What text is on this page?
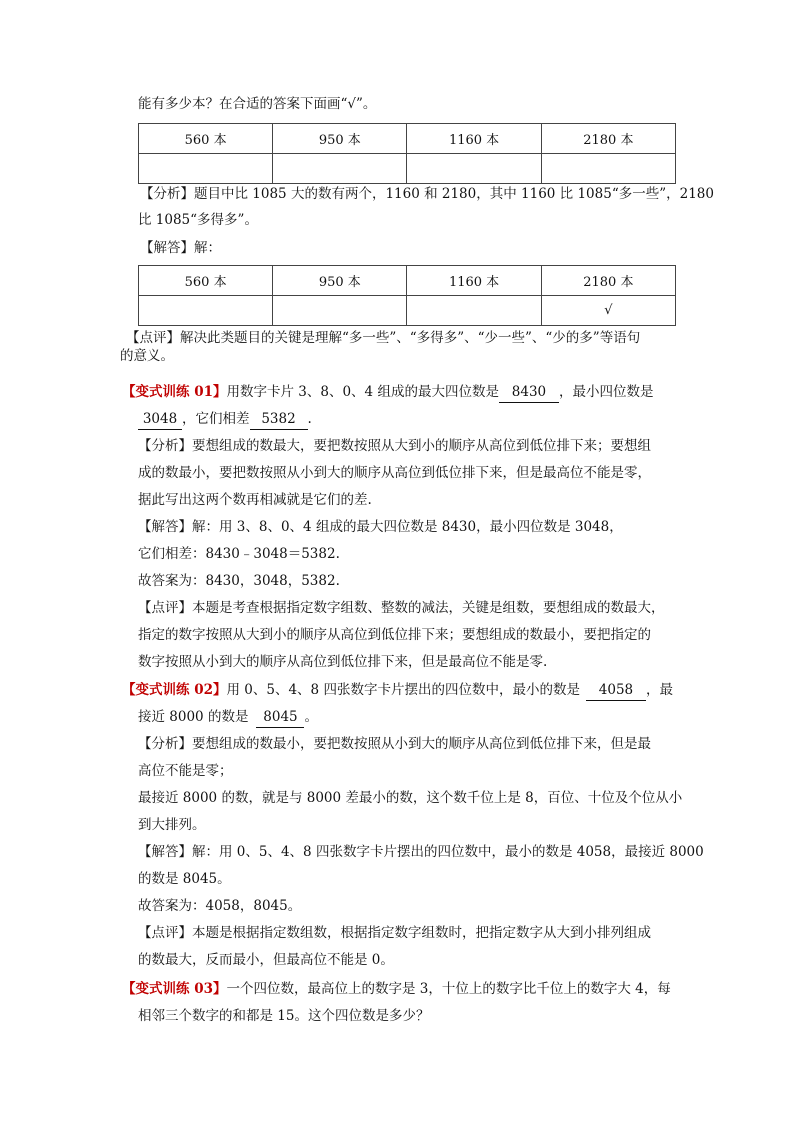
能有多少本？在合适的答案下面画“√”。
560 本	950 本	1160 本	2180 本

【分析】题目中比 1085 大的数有两个，1160 和 2180，其中 1160 比 1085“多一些”，2180
比 1085“多得多”。
【解答】解：
560 本	950 本	1160 本	2180 本
			√
【点评】解决此类题目的关键是理解“多一些”、“多得多”、“少一些”、“少的多”等语句
的意义。
【变式训练 01】用数字卡片 3、8、0、4 组成的最大四位数是 8430 ，最小四位数是
3048 ，它们相差 5382 .
【分析】要想组成的数最大，要把数按照从大到小的顺序从高位到低位排下来；要想组
成的数最小，要把数按照从小到大的顺序从高位到低位排下来，但是最高位不能是零，
据此写出这两个数再相减就是它们的差.
【解答】解：用 3、8、0、4 组成的最大四位数是 8430，最小四位数是 3048，
它们相差：8430﹣3048＝5382.
故答案为：8430，3048，5382.
【点评】本题是考查根据指定数字组数、整数的减法，关键是组数，要想组成的数最大，
指定的数字按照从大到小的顺序从高位到低位排下来；要想组成的数最小，要把指定的
数字按照从小到大的顺序从高位到低位排下来，但是最高位不能是零.
【变式训练 02】用 0、5、4、8 四张数字卡片摆出的四位数中，最小的数是 4058 ，最
接近 8000 的数是 8045 。
【分析】要想组成的数最小，要把数按照从小到大的顺序从高位到低位排下来，但是最
高位不能是零；
最接近 8000 的数，就是与 8000 差最小的数，这个数千位上是 8，百位、十位及个位从小
到大排列。
【解答】解：用 0、5、4、8 四张数字卡片摆出的四位数中，最小的数是 4058，最接近 8000
的数是 8045。
故答案为：4058，8045。
【点评】本题是根据指定数组数，根据指定数字组数时，把指定数字从大到小排列组成
的数最大，反而最小，但最高位不能是 0。
【变式训练 03】一个四位数，最高位上的数字是 3，十位上的数字比千位上的数字大 4，每
相邻三个数字的和都是 15。这个四位数是多少？
